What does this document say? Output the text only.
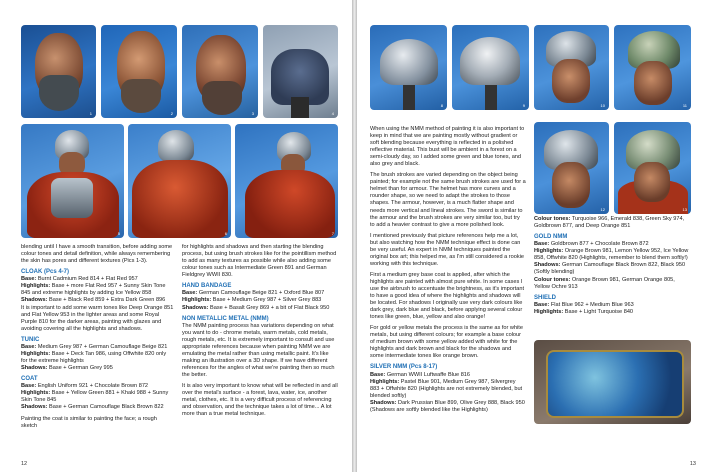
1	2	3	4
5	6	7

blending until I have a smooth transition, before adding some colour tones and detail definition, while always remembering the skin has pores and different textures (Pics 1-3).

CLOAK (Pcs 4-7)
Base: Burnt Cadmium Red 814 + Flat Red 957
Highlights: Base + more Flat Red 957 + Sunny Skin Tone 845 and extreme highlights by adding Ice Yellow 858
Shadows: Base + Black Red 859 + Extra Dark Green 896

It is important to add some warm tones like Deep Orange 851 and Flat Yellow 953 in the lighter areas and some Royal Purple 810 for the darker areas, painting with glazes and avoiding covering all the highlights and shadows.

TUNIC
Base: Medium Grey 987 + German Camouflage Beige 821
Highlights: Base + Deck Tan 986, using Offwhite 820 only for the extreme highlights

Shadows: Base + German Grey 995

COAT
Base: English Uniform 921 + Chocolate Brown 872
Highlights: Base + Yellow Green 881 + Khaki 988 + Sunny Skin Tone 845

Shadows: Base + German Camouflage Black Brown 822

Painting the coat is similar to painting the face; a rough sketch

for highlights and shadows and then starting the blending process, but using brush strokes like for the pointillism method to add as many textures as possible while also adding some colour tones such as Intermediate Green 891 and German Fieldgrey WWII 830.

HAND BANDAGE
Base: German Camouflage Beige 821 + Oxford Blue 807
Highlights: Base + Medium Grey 987 + Silver Grey 883

Shadows: Base + Basalt Grey 869 + a bit of Flat Black 950

NON METALLIC METAL (NMM)

The NMM painting process has variations depending on what you want to do - chrome metals, warm metals, cold metals, rough metals, etc. It is extremely important to consult and use appropriate references because when painting NMM we are emulating the metal rather than using metallic paint. It's like making an illustration over a 3D shape. If we have different references for the angles of what we're painting then so much the better.

It is also very important to know what will be reflected in and all over the metal's surface - a forest, lava, water, ice, another metal, clothes, etc. It is a very difficult process of referencing and observation, and the technique takes a lot of time... A lot more than a true metal technique.

12
8	9	10	11
12	13

When using the NMM method of painting it is also important to keep in mind that we are painting mostly without gradient or soft blending because everything is reflected in a polished reflective material. This bust will be ambient in a forest on a semi-cloudy day, so I added some green and blue tones, and also grey and black.

The brush strokes are varied depending on the object being painted; for example not the same brush strokes are used for a helmet than for armour. The helmet has more curves and a rounder shape, so we need to adapt the strokes to those shapes. The armour, however, is a much flatter shape and needs more vertical and lineal strokes. The sword is similar to the armour and the brush strokes are very similar too, but try to add a heavier contrast to give a more polished look.

I mentioned previously that picture references help me a lot, but also watching how the NMM technique effect is done can be very useful. An expert in NMM techniques painted the original box art; this helped me, as I'm still considered a rookie working with this technique.

First a medium grey base coat is applied, after which the highlights are painted with almost pure white. In some cases I use the airbrush to accentuate the brightness, as it's important to have a good idea of where the highlights and shadows will be located. For shadows I originally use very dark colours like dark grey, dark blue and black, before applying several colour tones like green, blue, yellow and also orange!

For gold or yellow metals the process is the same as for white metals, but using different colours; for example a base colour of medium brown with some yellow added with white for the highlights and dark brown and black for the shadows and some intermediate tones like orange brown.

SILVER NMM (Pcs 8-17)
Base: German WWII Luftwaffe Blue 816
Highlights: Pastel Blue 901, Medium Grey 987, Silvergrey 883 + Offwhite 820 (Highlights are not extremely blended, but blended softly)
Shadows: Dark Prussian Blue 899, Olive Grey 888, Black 950 (Shadows are softly blended like the Highlights)

Colour tones: Turquoise 966, Emerald 838, Green Sky 974, Goldbrown 877, and Deep Orange 851

GOLD NMM
Base: Goldbrown 877 + Chocolate Brown 872
Highlights: Orange Brown 981, Lemon Yellow 952, Ice Yellow 858, Offwhite 820 (Highlights, remember to blend them softly!)
Shadows: German Camouflage Black Brown 822, Black 950 (Softly blending)

Colour tones: Orange Brown 981, German Orange 805, Yellow Ochre 913

SHIELD
Base: Flat Blue 962 + Medium Blue 963
Highlights: Base + Light Turquoise 840
13
